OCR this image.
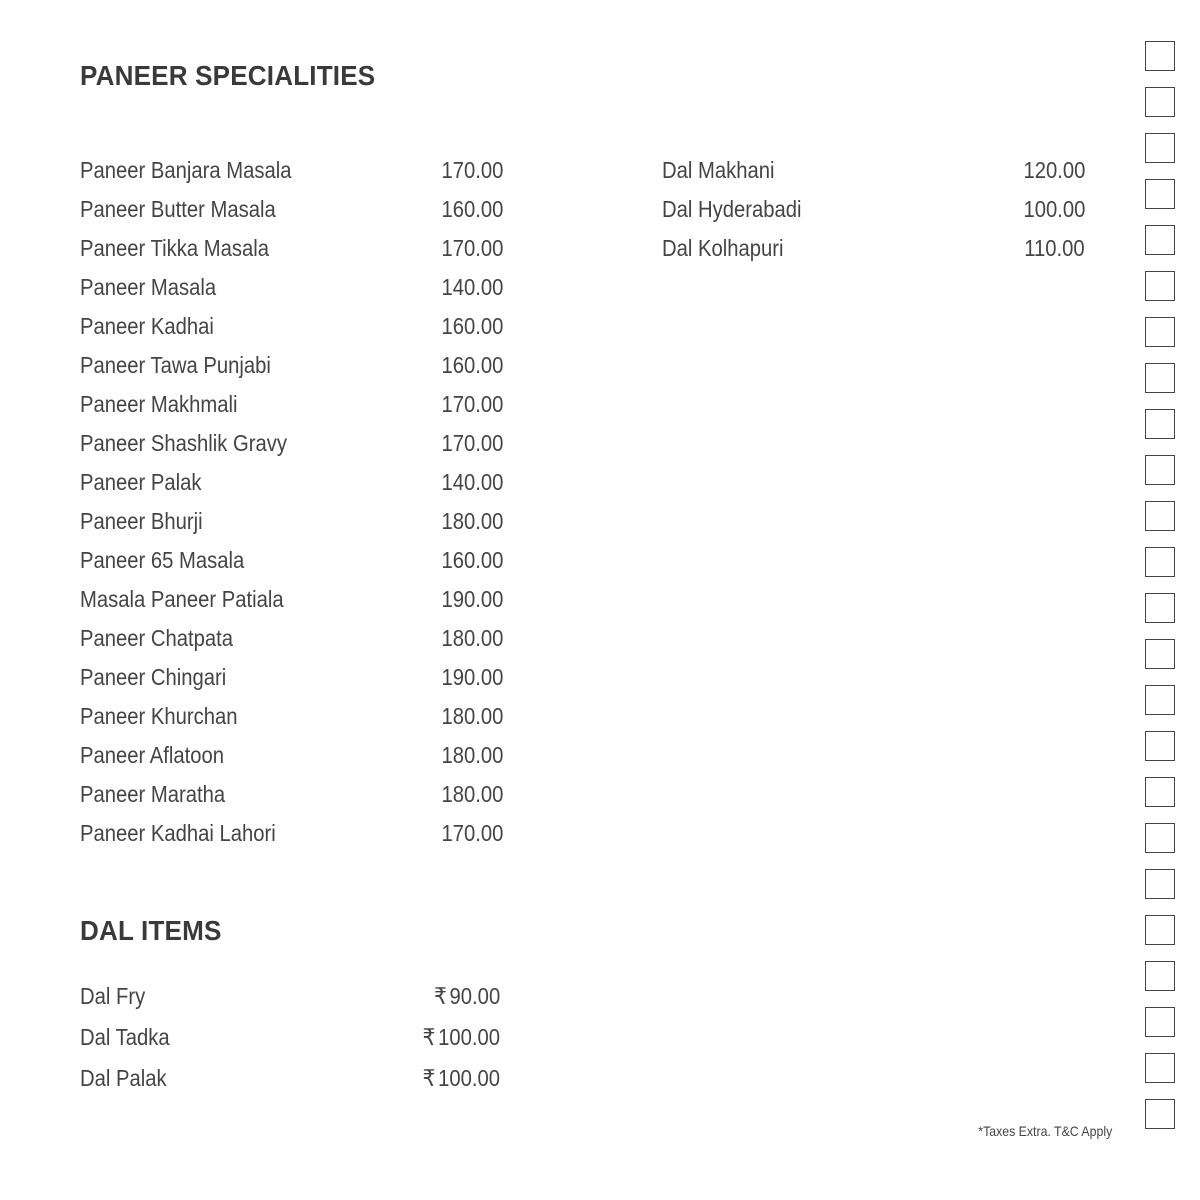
PANEER SPECIALITIES
Paneer Banjara Masala	170.00
Paneer Butter Masala	160.00
Paneer Tikka Masala	170.00
Paneer Masala	140.00
Paneer Kadhai	160.00
Paneer Tawa Punjabi	160.00
Paneer Makhmali	170.00
Paneer Shashlik Gravy	170.00
Paneer Palak	140.00
Paneer Bhurji	180.00
Paneer 65 Masala	160.00
Masala Paneer Patiala	190.00
Paneer Chatpata	180.00
Paneer Chingari	190.00
Paneer Khurchan	180.00
Paneer Aflatoon	180.00
Paneer Maratha	180.00
Paneer Kadhai Lahori	170.00
Dal Makhani	120.00
Dal Hyderabadi	100.00
Dal Kolhapuri	110.00
DAL ITEMS
Dal Fry	₹ 90.00
Dal Tadka	₹ 100.00
Dal Palak	₹ 100.00
*Taxes Extra. T&C Apply
